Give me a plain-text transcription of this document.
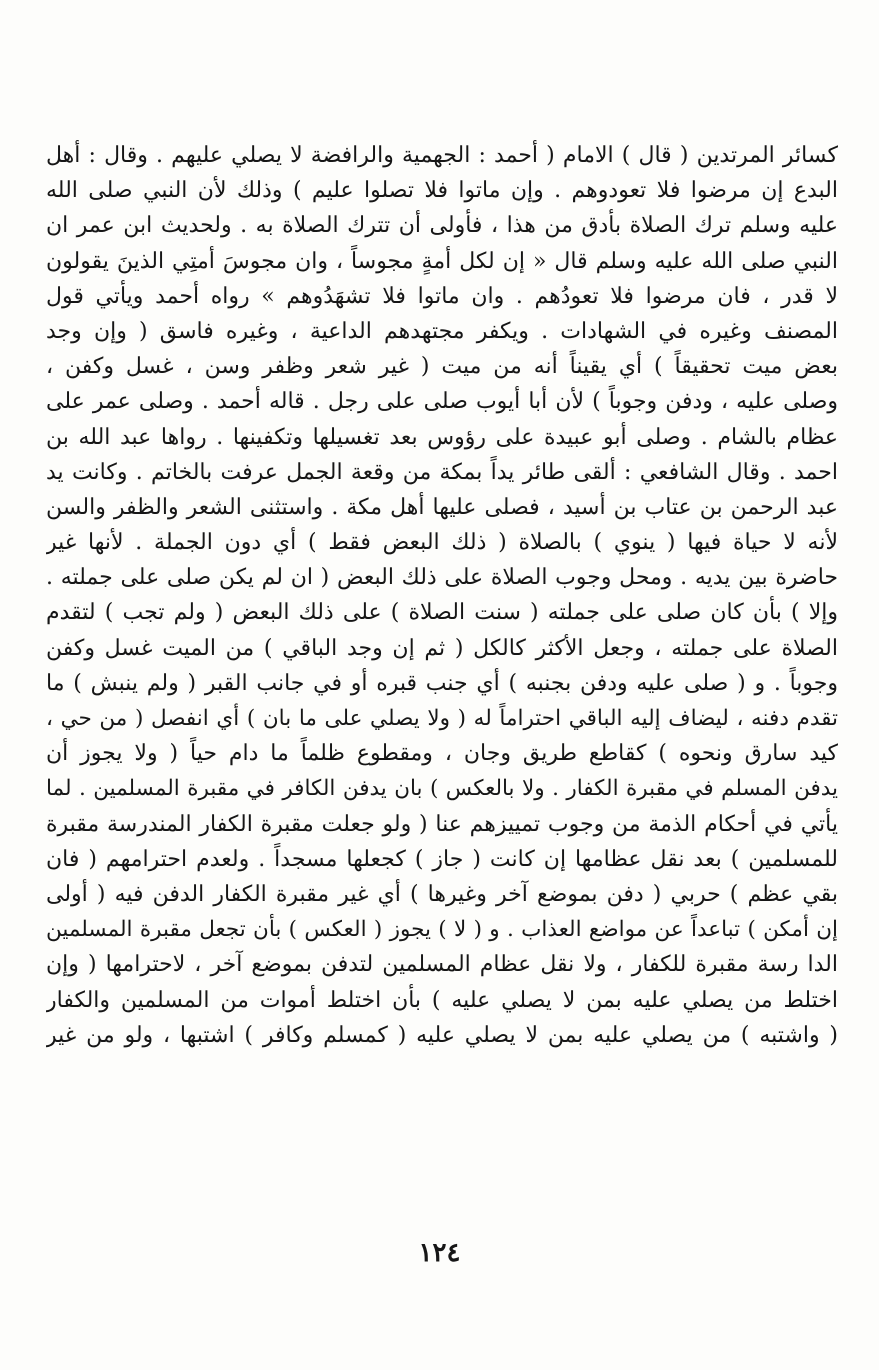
كسائر المرتدين ( قال ) الامام ( أحمد : الجهمية والرافضة لا يصلي عليهم . وقال : أهل
البدع إن مرضوا فلا تعودوهم . وإن ماتوا فلا تصلوا عليم ) وذلك لأن النبي صلى الله
عليه وسلم ترك الصلاة بأدق من هذا ، فأولى أن تترك الصلاة به . ولحديث ابن عمر ان
النبي صلى الله عليه وسلم قال « إن لكل أمةٍ مجوساً ، وان مجوسَ أمتِي الذينَ يقولون
لا قدر ، فان مرضوا فلا تعودُهم . وان ماتوا فلا تشهَدُوهم » رواه أحمد ويأتي قول
المصنف وغيره في الشهادات . ويكفر مجتهدهم الداعية ، وغيره فاسق ( وإن وجد
بعض ميت تحقيقاً ) أي يقيناً أنه من ميت ( غير شعر وظفر وسن ، غسل وكفن ،
وصلى عليه ، ودفن وجوباً ) لأن أبا أيوب صلى على رجل . قاله أحمد . وصلى عمر على
عظام بالشام . وصلى أبو عبيدة على رؤوس بعد تغسيلها وتكفينها . رواها عبد الله بن
احمد . وقال الشافعي : ألقى طائر يداً بمكة من وقعة الجمل عرفت بالخاتم . وكانت يد
عبد الرحمن بن عتاب بن أسيد ، فصلى عليها أهل مكة . واستثنى الشعر والظفر والسن
لأنه لا حياة فيها ( ينوي ) بالصلاة ( ذلك البعض فقط ) أي دون الجملة . لأنها غير
حاضرة بين يديه . ومحل وجوب الصلاة على ذلك البعض ( ان لم يكن صلى على جملته .
وإلا ) بأن كان صلى على جملته ( سنت الصلاة ) على ذلك البعض ( ولم تجب ) لتقدم
الصلاة على جملته ، وجعل الأكثر كالكل ( ثم إن وجد الباقي ) من الميت غسل وكفن
وجوباً . و ( صلى عليه ودفن بجنبه ) أي جنب قبره أو في جانب القبر ( ولم ينبش ) ما
تقدم دفنه ، ليضاف إليه الباقي احتراماً له ( ولا يصلي على ما بان ) أي انفصل ( من حي ،
كيد سارق ونحوه ) كقاطع طريق وجان ، ومقطوع ظلماً ما دام حياً ( ولا يجوز أن
يدفن المسلم في مقبرة الكفار . ولا بالعكس ) بان يدفن الكافر في مقبرة المسلمين . لما
يأتي في أحكام الذمة من وجوب تمييزهم عنا ( ولو جعلت مقبرة الكفار المندرسة مقبرة
للمسلمين ) بعد نقل عظامها إن كانت ( جاز ) كجعلها مسجداً . ولعدم احترامهم ( فان
بقي عظم ) حربي ( دفن بموضع آخر وغيرها ) أي غير مقبرة الكفار الدفن فيه ( أولى
إن أمكن ) تباعداً عن مواضع العذاب . و ( لا ) يجوز ( العكس ) بأن تجعل مقبرة المسلمين
الدا رسة مقبرة للكفار ، ولا نقل عظام المسلمين لتدفن بموضع آخر ، لاحترامها ( وإن
اختلط من يصلي عليه بمن لا يصلي عليه ) بأن اختلط أموات من المسلمين والكفار
( واشتبه ) من يصلي عليه بمن لا يصلي عليه ( كمسلم وكافر ) اشتبها ، ولو من غير
١٢٤
